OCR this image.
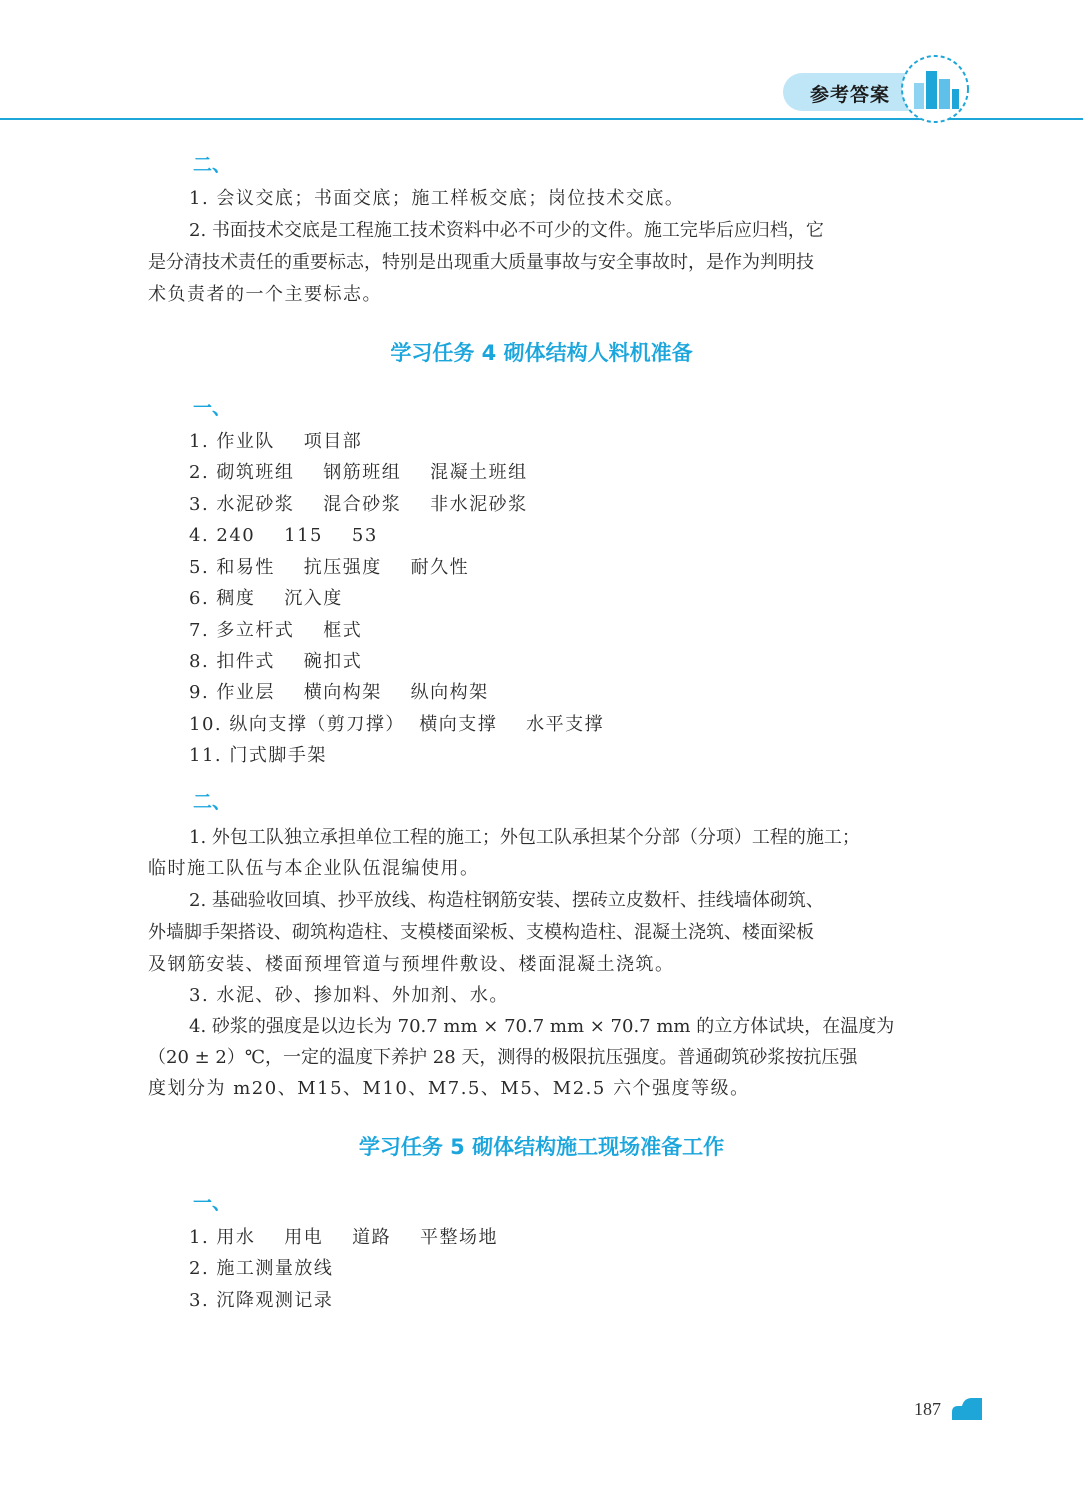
参考答案
二、
1. 会议交底；书面交底；施工样板交底；岗位技术交底。
2. 书面技术交底是工程施工技术资料中必不可少的文件。施工完毕后应归档，它
是分清技术责任的重要标志，特别是出现重大质量事故与安全事故时，是作为判明技
术负责者的一个主要标志。
学习任务 4 砌体结构人料机准备
一、
1. 作业队    项目部
2. 砌筑班组    钢筋班组    混凝土班组
3. 水泥砂浆    混合砂浆    非水泥砂浆
4. 240    115    53
5. 和易性    抗压强度    耐久性
6. 稠度    沉入度
7. 多立杆式    框式
8. 扣件式    碗扣式
9. 作业层    横向构架    纵向构架
10. 纵向支撑（剪刀撑）  横向支撑    水平支撑
11. 门式脚手架
二、
1. 外包工队独立承担单位工程的施工；外包工队承担某个分部（分项）工程的施工；
临时施工队伍与本企业队伍混编使用。
2. 基础验收回填、抄平放线、构造柱钢筋安装、摆砖立皮数杆、挂线墙体砌筑、
外墙脚手架搭设、砌筑构造柱、支模楼面梁板、支模构造柱、混凝土浇筑、楼面梁板
及钢筋安装、楼面预埋管道与预埋件敷设、楼面混凝土浇筑。
3. 水泥、砂、掺加料、外加剂、水。
4. 砂浆的强度是以边长为 70.7 mm × 70.7 mm × 70.7 mm 的立方体试块，在温度为
（20 ± 2）℃，一定的温度下养护 28 天，测得的极限抗压强度。普通砌筑砂浆按抗压强
度划分为 m20、M15、M10、M7.5、M5、M2.5 六个强度等级。
学习任务 5 砌体结构施工现场准备工作
一、
1. 用水    用电    道路    平整场地
2. 施工测量放线
3. 沉降观测记录
187
